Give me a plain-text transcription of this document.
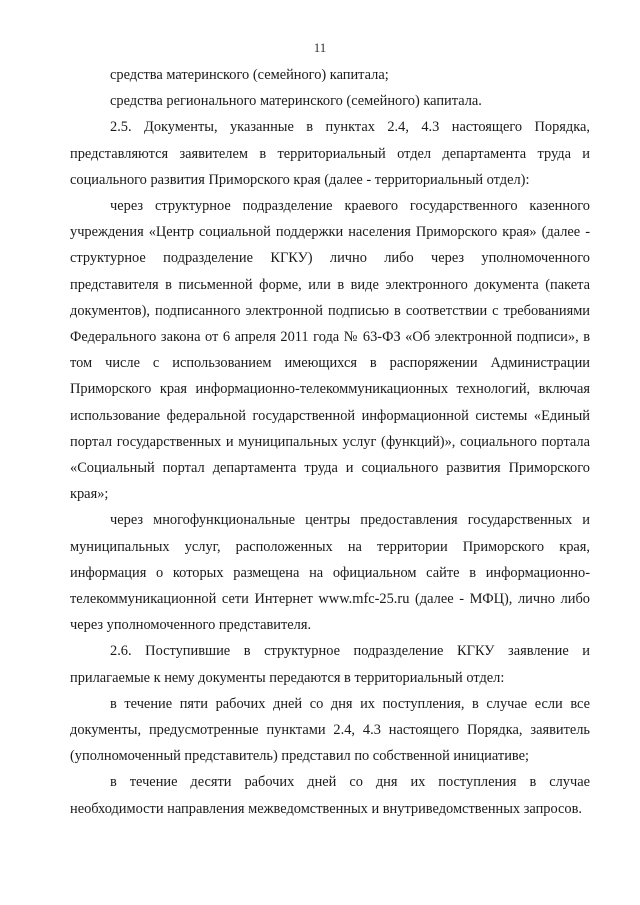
11

средства материнского (семейного) капитала;

средства регионального материнского (семейного) капитала.

2.5. Документы, указанные в пунктах 2.4, 4.3 настоящего Порядка, представляются заявителем в территориальный отдел департамента труда и социального развития Приморского края (далее - территориальный отдел):

через структурное подразделение краевого государственного казенного учреждения «Центр социальной поддержки населения Приморского края» (далее - структурное подразделение КГКУ) лично либо через уполномоченного представителя в письменной форме, или в виде электронного документа (пакета документов), подписанного электронной подписью в соответствии с требованиями Федерального закона от 6 апреля 2011 года № 63-ФЗ «Об электронной подписи», в том числе с использованием имеющихся в распоряжении Администрации Приморского края информационно-телекоммуникационных технологий, включая использование федеральной государственной информационной системы «Единый портал государственных и муниципальных услуг (функций)», социального портала «Социальный портал департамента труда и социального развития Приморского края»;

через многофункциональные центры предоставления государственных и муниципальных услуг, расположенных на территории Приморского края, информация о которых размещена на официальном сайте в информационно-телекоммуникационной сети Интернет www.mfc-25.ru (далее - МФЦ), лично либо через уполномоченного представителя.

2.6. Поступившие в структурное подразделение КГКУ заявление и прилагаемые к нему документы передаются в территориальный отдел:

в течение пяти рабочих дней со дня их поступления, в случае если все документы, предусмотренные пунктами 2.4, 4.3 настоящего Порядка, заявитель (уполномоченный представитель) представил по собственной инициативе;

в течение десяти рабочих дней со дня их поступления в случае необходимости направления межведомственных и внутриведомственных запросов.
